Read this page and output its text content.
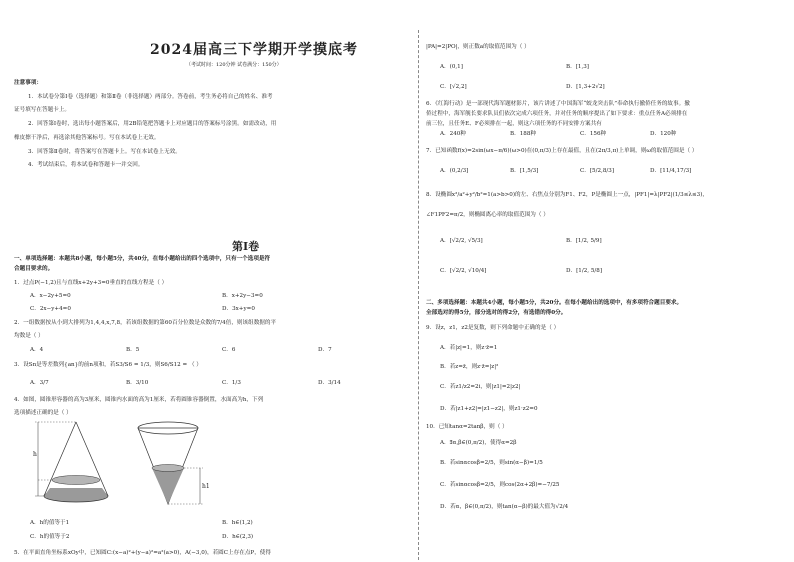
2024届高三下学期开学摸底考
（考试时间：120分钟 试卷满分：150分）
注意事项：
1．本试卷分第Ⅰ卷（选择题）和第Ⅱ卷（非选择题）两部分。答卷前，考生务必将自己的姓名、准考
证号填写在答题卡上。
2．回答第Ⅰ卷时，选出每小题答案后，用2B铅笔把答题卡上对应题目的答案标号涂黑。如需改动，用
橡皮擦干净后，再选涂其他答案标号。写在本试卷上无效。
3．回答第Ⅱ卷时，将答案写在答题卡上。写在本试卷上无效。
4．考试结束后，将本试卷和答题卡一并交回。
第Ⅰ卷
一、单项选择题：本题共8小题，每小题5分，共40分，在每小题给出的四个选项中，只有一个选项是符
合题目要求的。
1．过点P(−1,2)且与直线x+2y+3=0垂直的直线方程是（ ）
A．x−2y+5=0	B．x+2y−3=0
C．2x−y+4=0	D．3x+y=0
2．一组数据按从小到大排列为1,4,4,x,7,8，若该组数据的第60百分位数是众数的7/4倍，则该组数据的平
均数是（ ）
A．4	B．5	C．6	D．7
3．设Sn是等差数列{an}的前n项和，若S3/S6 = 1/3，则S6/S12 = （ ）
A．3/7	B．3/10	C．1/3	D．3/14
4．如图，圆锥形容器的高为3厘米，圆锥内水面的高为1厘米，若将圆锥容器倒置，水面高为h，下列
选项描述正确的是（ ）
h
h1
A．h的值等于1	B．h∈(1,2)
C．h的值等于2	D．h∈(2,3)
5．在平面直角坐标系xOy中，已知圆C:(x−a)²+(y−a)²=a²(a>0)，A(−3,0)，若圆C上存在点P，使得
|PA|=2|PO|，则正数a的取值范围为（ ）
A．(0,1]	B．[1,3]
C．[√2,2]	D．[1,3+2√2]
6．《红海行动》是一部现代海军题材影片，该片讲述了中国海军“蛟龙突击队”奉命执行撤侨任务的故事。撤
侨过程中，海军舰长要求队员们依次完成六项任务，并对任务的顺序提出了如下要求：重点任务A必须排在
前三位，且任务E、F必须排在一起，则这六项任务的不同安排方案共有
A．240种	B．188种	C．156种	D．120种
7．已知函数f(x)=2sin(ωx−π/6)(ω>0)在(0,π/3)上存在最值，且在(2π/3,π)上单调，则ω的取值范围是（ ）
A．(0,2/3]	B．[1,5/3]	C．[5/2,8/3]	D．[11/4,17/3]
8．设椭圆x²/a²+y²/b²=1(a>b>0)的左、右焦点分别为F1、F2，P是椭圆上一点，|PF1|=λ|PF2|(1/3≤λ≤3)，
∠F1PF2=π/2，则椭圆离心率的取值范围为（ ）
A．[√2/2, √5/3]	B．[1/2, 5/9]
C．[√2/2, √10/4]	D．[1/2, 5/8]
二、多项选择题：本题共4小题，每小题5分，共20分。在每小题给出的选项中，有多项符合题目要求。
全部选对的得5分，部分选对的得2分，有选错的得0分。
9．设z，z1，z2是复数，则下列命题中正确的是（ ）
A．若|z|=1，则z·z̄=1
B．若z=z̄，则z·z̄=|z|²
C．若z1/z2=2i，则|z1|=2|z2|
D．若|z1+z2|=|z1−z2|，则z1·z2=0
10．已知tanα=2tanβ，则（ ）
A．∃α,β∈(0,π/2)，使得α=2β
B．若sinαcosβ=2/5，则sin(α−β)=1/5
C．若sinαcosβ=2/5，则cos(2α+2β)=−7/25
D．若α，β∈(0,π/2)，则tan(α−β)的最大值为√2/4
